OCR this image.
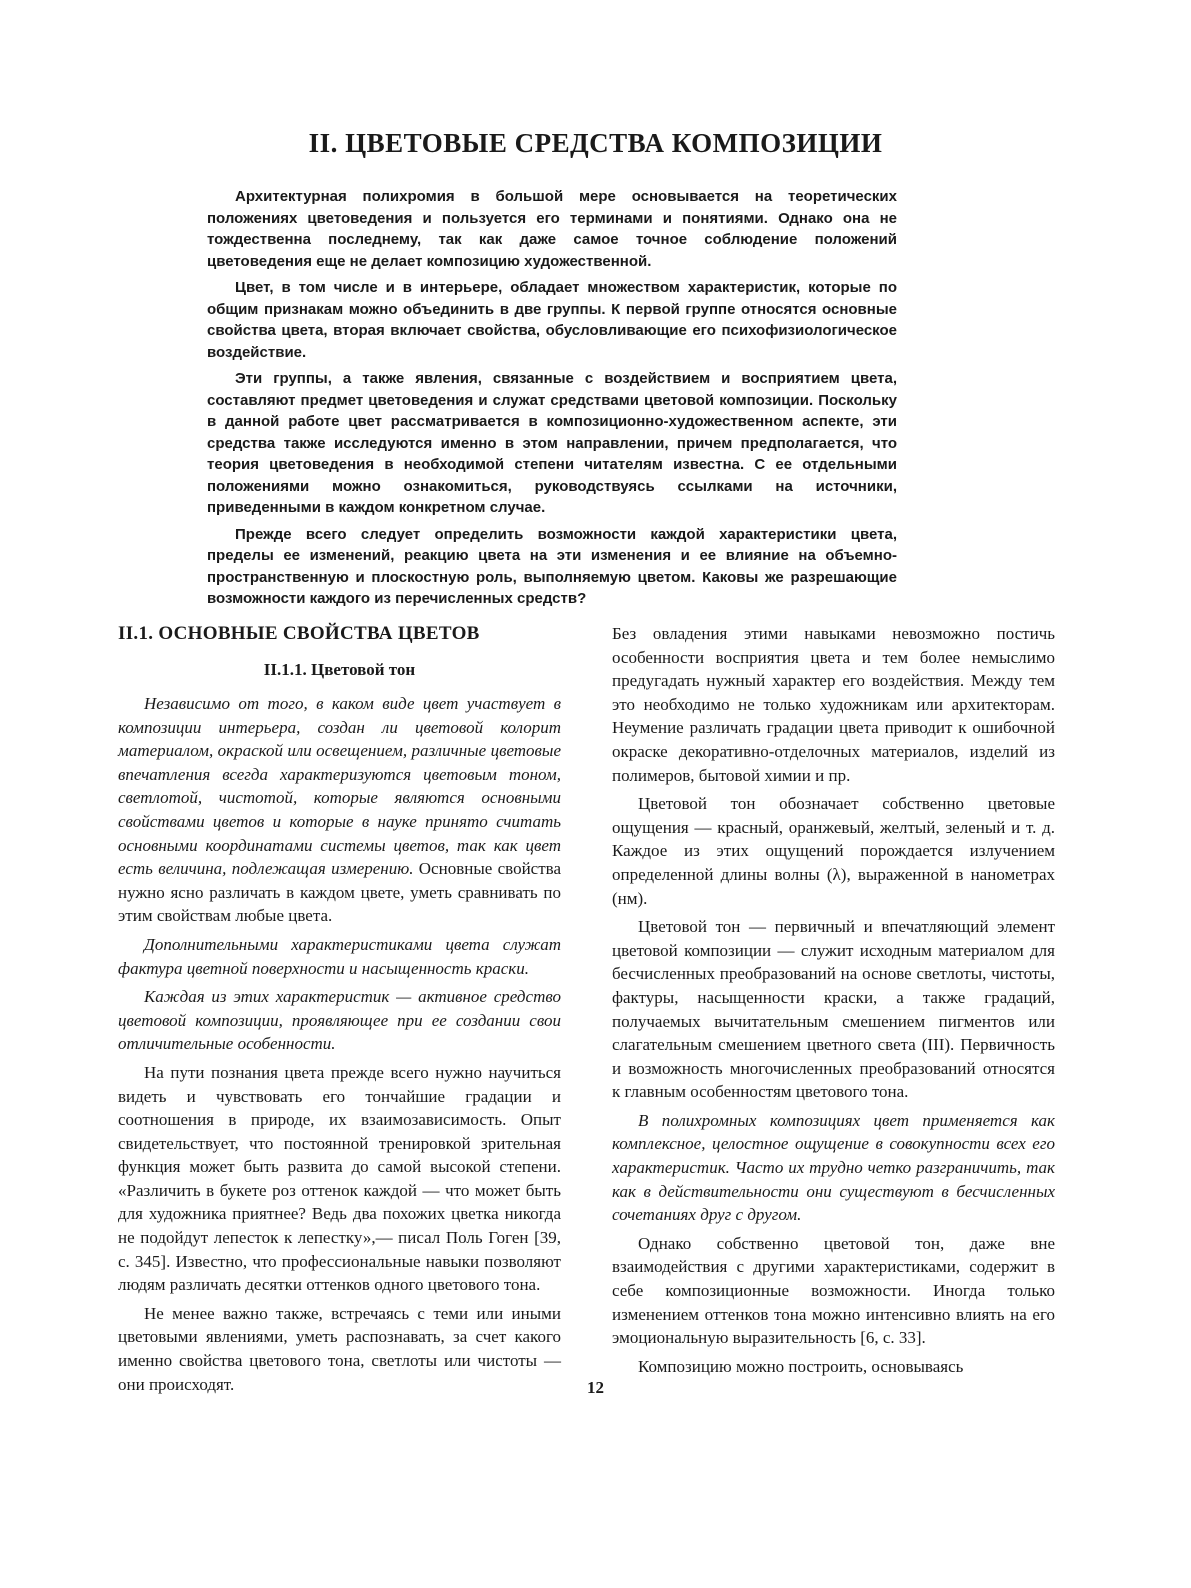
II. ЦВЕТОВЫЕ СРЕДСТВА КОМПОЗИЦИИ

Архитектурная полихромия в большой мере основывается на теоретических положениях цветоведения и пользуется его терминами и понятиями. Однако она не тождественна последнему, так как даже самое точное соблюдение положений цветоведения еще не делает композицию художественной.

Цвет, в том числе и в интерьере, обладает множеством характеристик, которые по общим признакам можно объединить в две группы. К первой группе относятся основные свойства цвета, вторая включает свойства, обусловливающие его психофизиологическое воздействие.

Эти группы, а также явления, связанные с воздействием и восприятием цвета, составляют предмет цветоведения и служат средствами цветовой композиции. Поскольку в данной работе цвет рассматривается в композиционно-художественном аспекте, эти средства также исследуются именно в этом направлении, причем предполагается, что теория цветоведения в необходимой степени читателям известна. С ее отдельными положениями можно ознакомиться, руководствуясь ссылками на источники, приведенными в каждом конкретном случае.

Прежде всего следует определить возможности каждой характеристики цвета, пределы ее изменений, реакцию цвета на эти изменения и ее влияние на объемно-пространственную и плоскостную роль, выполняемую цветом. Каковы же разрешающие возможности каждого из перечисленных средств?

II.1. ОСНОВНЫЕ СВОЙСТВА ЦВЕТОВ
II.1.1. Цветовой тон

Независимо от того, в каком виде цвет участвует в композиции интерьера, создан ли цветовой колорит материалом, окраской или освещением, различные цветовые впечатления всегда характеризуются цветовым тоном, светлотой, чистотой, которые являются основными свойствами цветов и которые в науке принято считать основными координатами системы цветов, так как цвет есть величина, подлежащая измерению. Основные свойства нужно ясно различать в каждом цвете, уметь сравнивать по этим свойствам любые цвета.

Дополнительными характеристиками цвета служат фактура цветной поверхности и насыщенность краски.

Каждая из этих характеристик — активное средство цветовой композиции, проявляющее при ее создании свои отличительные особенности.

На пути познания цвета прежде всего нужно научиться видеть и чувствовать его тончайшие градации и соотношения в природе, их взаимозависимость. Опыт свидетельствует, что постоянной тренировкой зрительная функция может быть развита до самой высокой степени. «Различить в букете роз оттенок каждой — что может быть для художника приятнее? Ведь два похожих цветка никогда не подойдут лепесток к лепестку»,— писал Поль Гоген [39, с. 345]. Известно, что профессиональные навыки позволяют людям различать десятки оттенков одного цветового тона.

Не менее важно также, встречаясь с теми или иными цветовыми явлениями, уметь распознавать, за счет какого именно свойства цветового тона, светлоты или чистоты — они происходят.

Без овладения этими навыками невозможно постичь особенности восприятия цвета и тем более немыслимо предугадать нужный характер его воздействия. Между тем это необходимо не только художникам или архитекторам. Неумение различать градации цвета приводит к ошибочной окраске декоративно-отделочных материалов, изделий из полимеров, бытовой химии и пр.

Цветовой тон обозначает собственно цветовые ощущения — красный, оранжевый, желтый, зеленый и т. д. Каждое из этих ощущений порождается излучением определенной длины волны (λ), выраженной в нанометрах (нм).

Цветовой тон — первичный и впечатляющий элемент цветовой композиции — служит исходным материалом для бесчисленных преобразований на основе светлоты, чистоты, фактуры, насыщенности краски, а также градаций, получаемых вычитательным смешением пигментов или слагательным смешением цветного света (III). Первичность и возможность многочисленных преобразований относятся к главным особенностям цветового тона.

В полихромных композициях цвет применяется как комплексное, целостное ощущение в совокупности всех его характеристик. Часто их трудно четко разграничить, так как в действительности они существуют в бесчисленных сочетаниях друг с другом.

Однако собственно цветовой тон, даже вне взаимодействия с другими характеристиками, содержит в себе композиционные возможности. Иногда только изменением оттенков тона можно интенсивно влиять на его эмоциональную выразительность [6, с. 33].

Композицию можно построить, основываясь

12
